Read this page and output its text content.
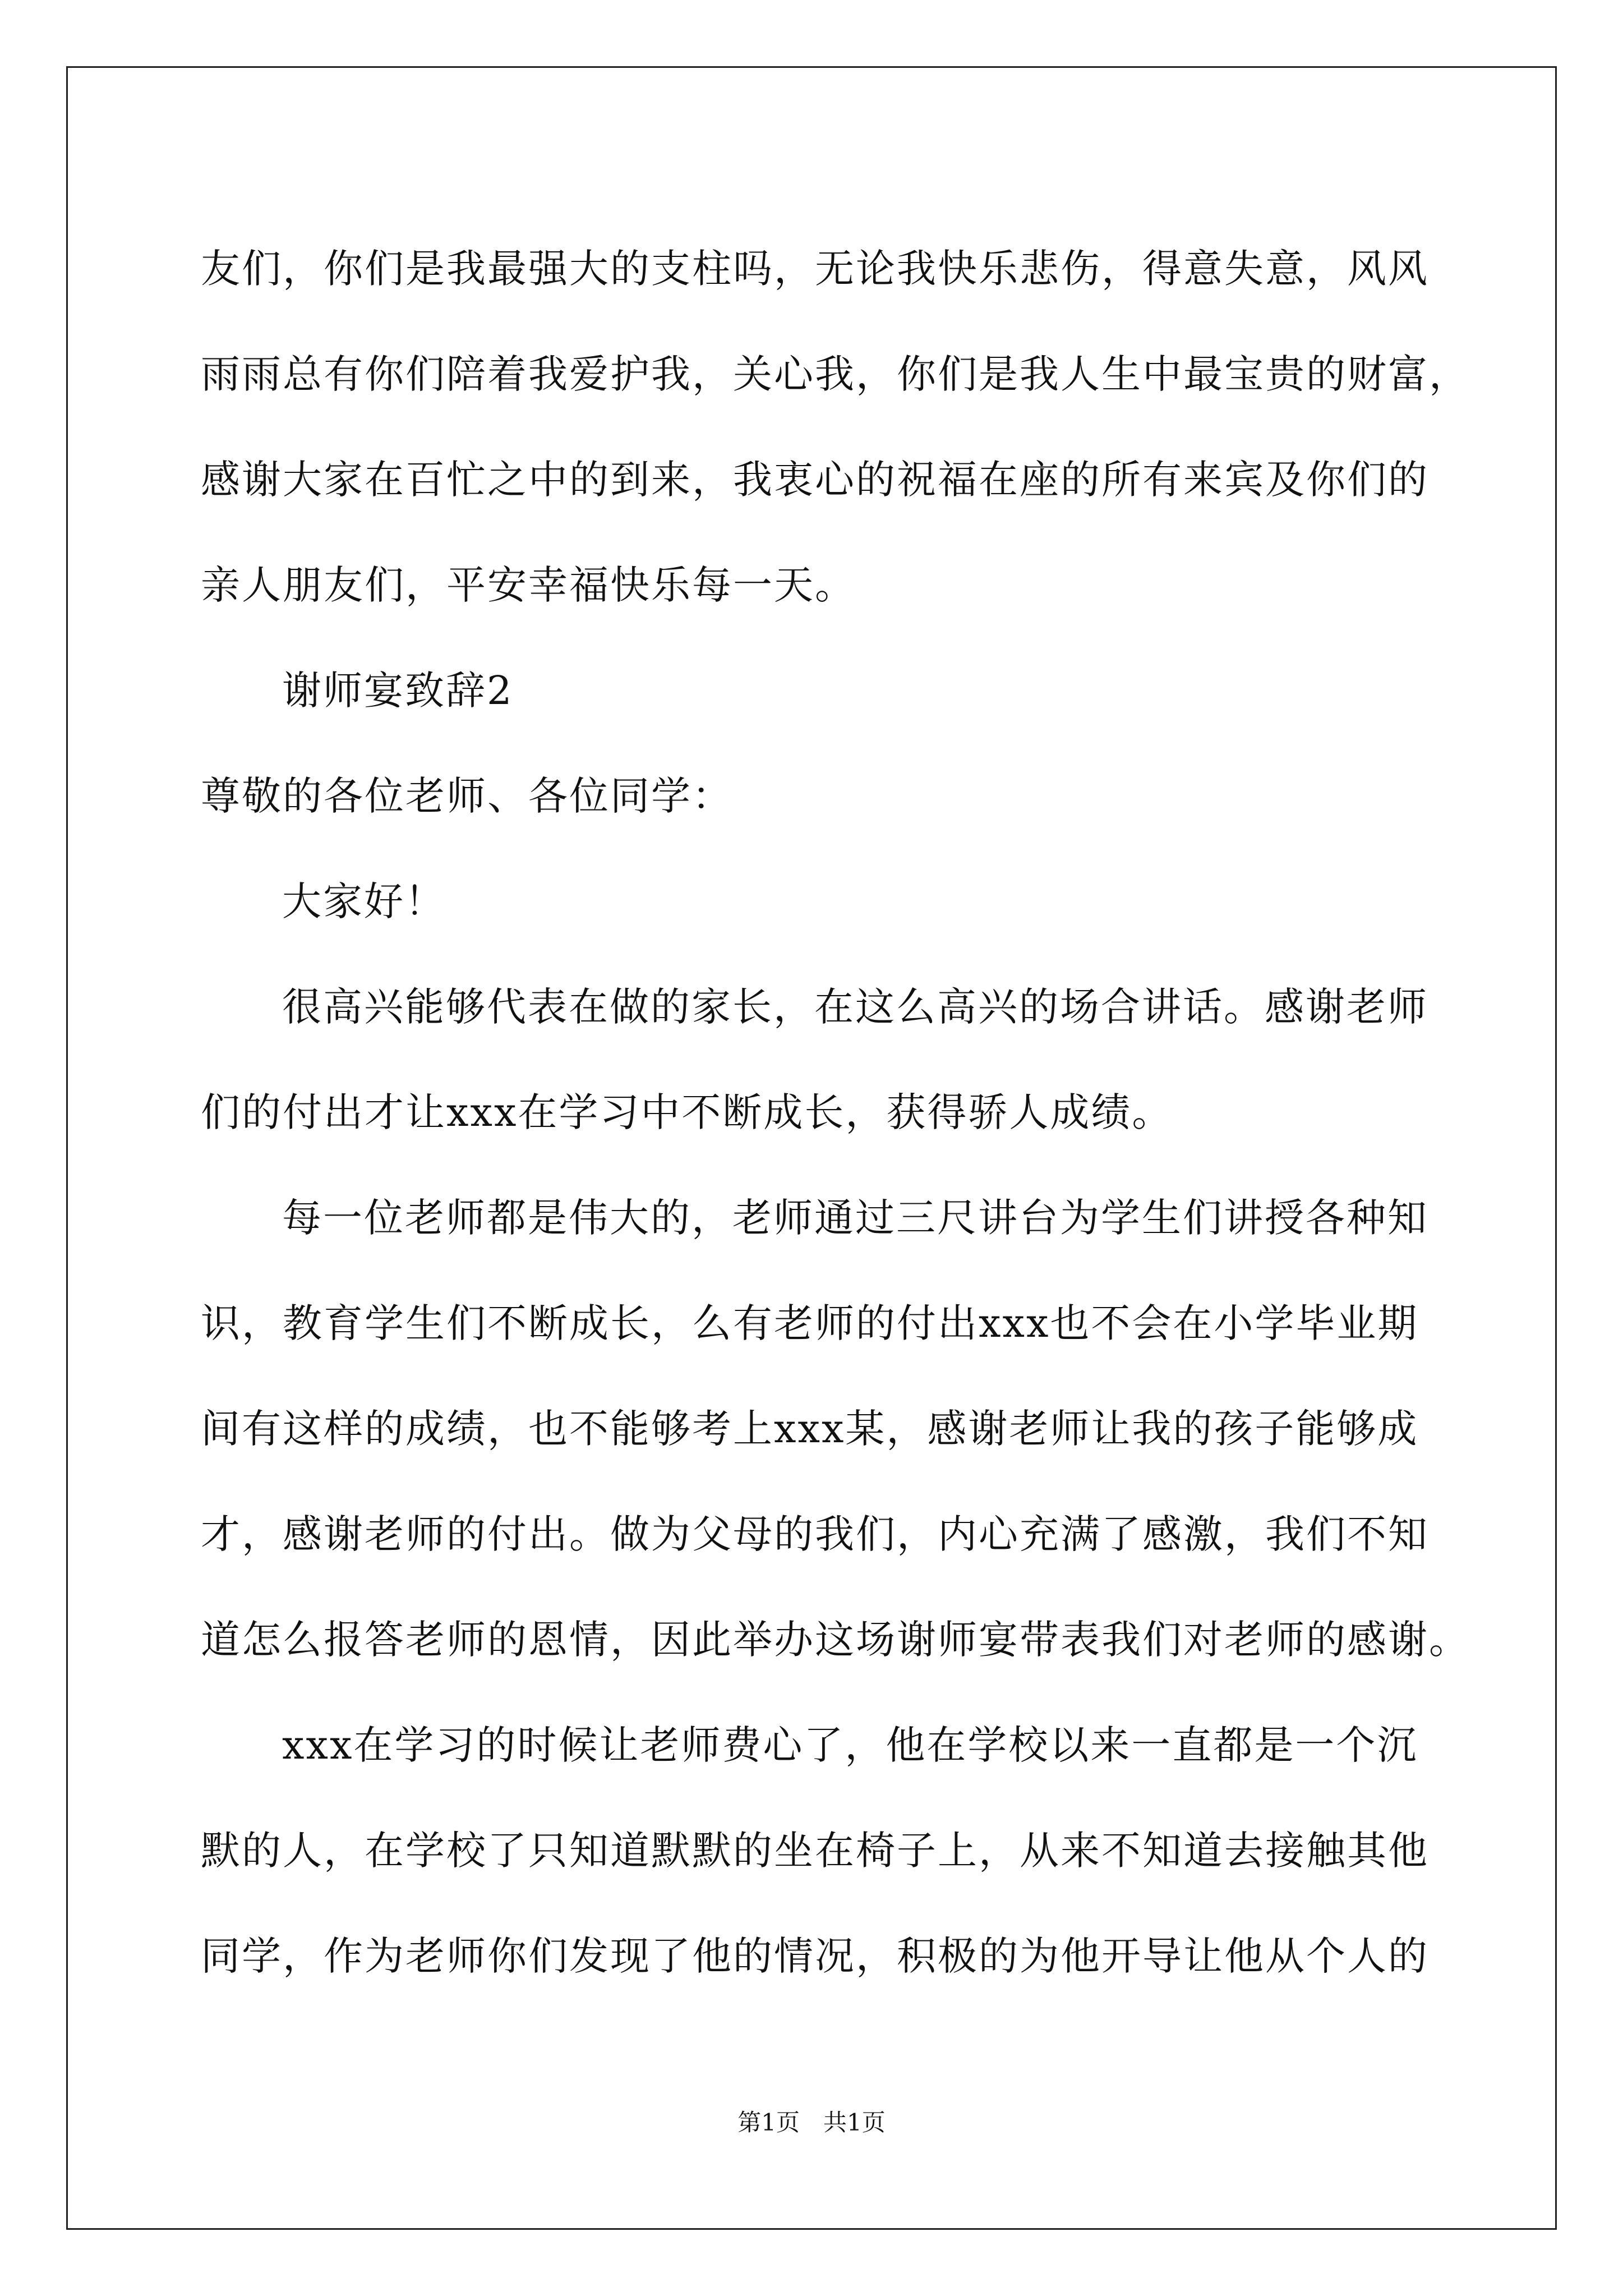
友们，你们是我最强大的支柱吗，无论我快乐悲伤，得意失意，风风
雨雨总有你们陪着我爱护我，关心我，你们是我人生中最宝贵的财富，
感谢大家在百忙之中的到来，我衷心的祝福在座的所有来宾及你们的
亲人朋友们，平安幸福快乐每一天。
谢师宴致辞2
尊敬的各位老师、各位同学：
大家好！
很高兴能够代表在做的家长，在这么高兴的场合讲话。感谢老师
们的付出才让xxx在学习中不断成长，获得骄人成绩。
每一位老师都是伟大的，老师通过三尺讲台为学生们讲授各种知
识，教育学生们不断成长，么有老师的付出xxx也不会在小学毕业期
间有这样的成绩，也不能够考上xxx某，感谢老师让我的孩子能够成
才，感谢老师的付出。做为父母的我们，内心充满了感激，我们不知
道怎么报答老师的恩情，因此举办这场谢师宴带表我们对老师的感谢。
xxx在学习的时候让老师费心了，他在学校以来一直都是一个沉
默的人，在学校了只知道默默的坐在椅子上，从来不知道去接触其他
同学，作为老师你们发现了他的情况，积极的为他开导让他从个人的
第1页　共1页
